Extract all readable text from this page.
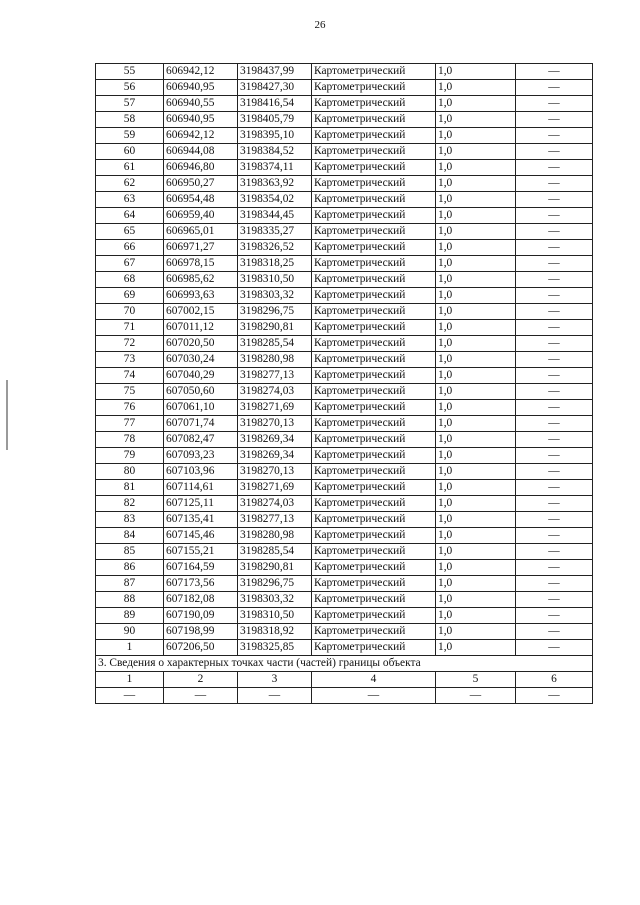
26
55	606942,12	3198437,99	Картометрический	1,0	—
56	606940,95	3198427,30	Картометрический	1,0	—
57	606940,55	3198416,54	Картометрический	1,0	—
58	606940,95	3198405,79	Картометрический	1,0	—
59	606942,12	3198395,10	Картометрический	1,0	—
60	606944,08	3198384,52	Картометрический	1,0	—
61	606946,80	3198374,11	Картометрический	1,0	—
62	606950,27	3198363,92	Картометрический	1,0	—
63	606954,48	3198354,02	Картометрический	1,0	—
64	606959,40	3198344,45	Картометрический	1,0	—
65	606965,01	3198335,27	Картометрический	1,0	—
66	606971,27	3198326,52	Картометрический	1,0	—
67	606978,15	3198318,25	Картометрический	1,0	—
68	606985,62	3198310,50	Картометрический	1,0	—
69	606993,63	3198303,32	Картометрический	1,0	—
70	607002,15	3198296,75	Картометрический	1,0	—
71	607011,12	3198290,81	Картометрический	1,0	—
72	607020,50	3198285,54	Картометрический	1,0	—
73	607030,24	3198280,98	Картометрический	1,0	—
74	607040,29	3198277,13	Картометрический	1,0	—
75	607050,60	3198274,03	Картометрический	1,0	—
76	607061,10	3198271,69	Картометрический	1,0	—
77	607071,74	3198270,13	Картометрический	1,0	—
78	607082,47	3198269,34	Картометрический	1,0	—
79	607093,23	3198269,34	Картометрический	1,0	—
80	607103,96	3198270,13	Картометрический	1,0	—
81	607114,61	3198271,69	Картометрический	1,0	—
82	607125,11	3198274,03	Картометрический	1,0	—
83	607135,41	3198277,13	Картометрический	1,0	—
84	607145,46	3198280,98	Картометрический	1,0	—
85	607155,21	3198285,54	Картометрический	1,0	—
86	607164,59	3198290,81	Картометрический	1,0	—
87	607173,56	3198296,75	Картометрический	1,0	—
88	607182,08	3198303,32	Картометрический	1,0	—
89	607190,09	3198310,50	Картометрический	1,0	—
90	607198,99	3198318,92	Картометрический	1,0	—
1	607206,50	3198325,85	Картометрический	1,0	—
3. Сведения о характерных точках части (частей) границы объекта					
1	2	3	4	5	6
—	—	—	—	—	—
